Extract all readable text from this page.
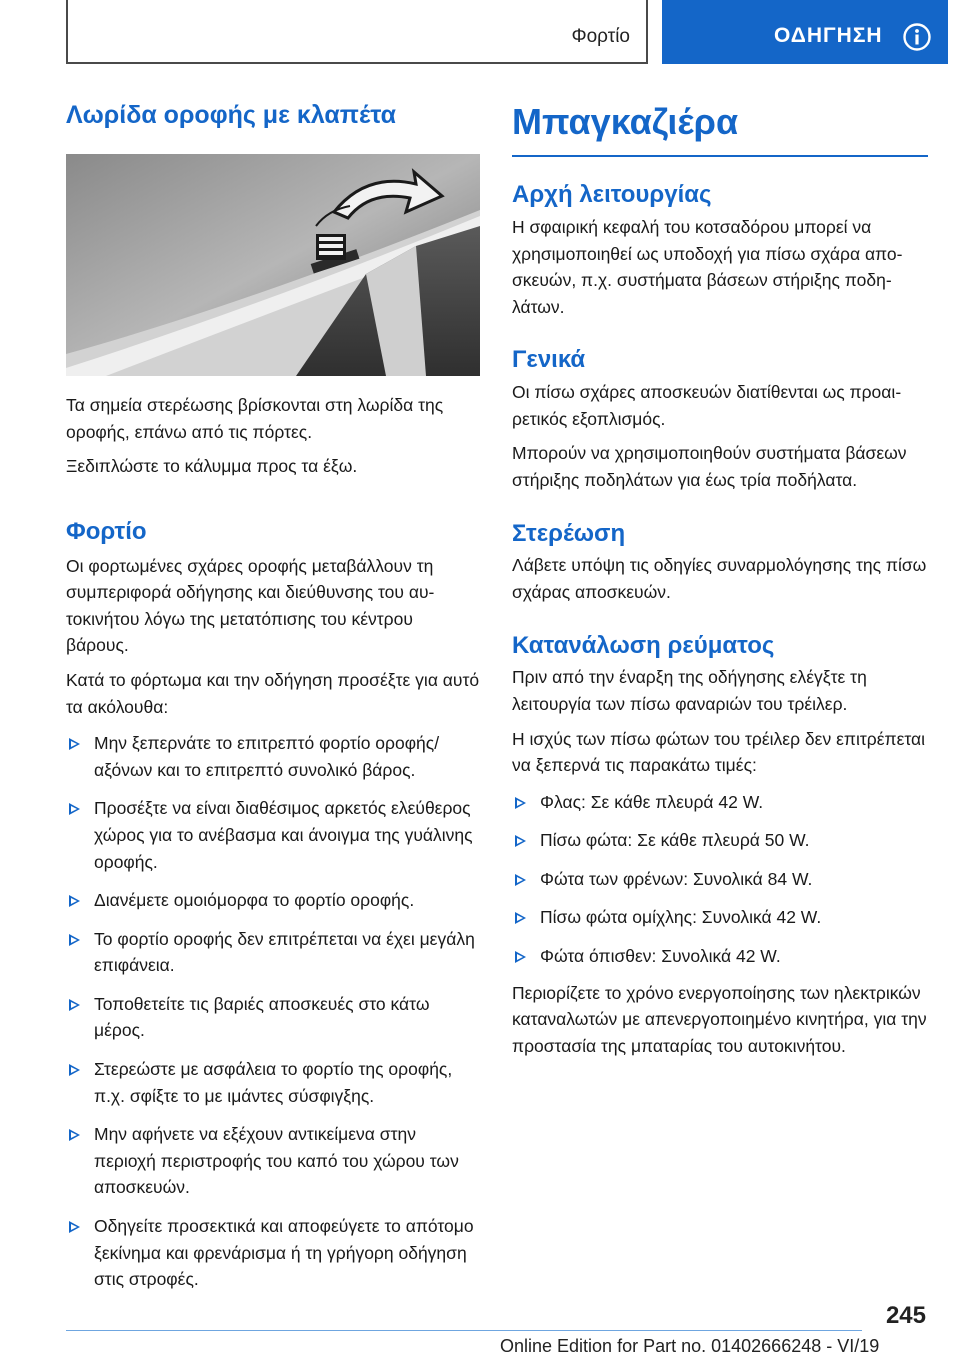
Φορτίο	ΟΔΗΓΗΣΗ
Λωρίδα οροφής με κλαπέτα

Τα σημεία στερέωσης βρίσκονται στη λωρίδα της οροφής, επάνω από τις πόρτες.

Ξεδιπλώστε το κάλυμμα προς τα έξω.

Φορτίο

Οι φορτωμένες σχάρες οροφής μεταβάλλουν τη συμπεριφορά οδήγησης και διεύθυνσης του αυτοκινήτου λόγω της μετατόπισης του κέντρου βάρους.

Κατά το φόρτωμα και την οδήγηση προσέξτε για αυτό τα ακόλουθα:

Μην ξεπερνάτε το επιτρεπτό φορτίο οροφής/αξόνων και το επιτρεπτό συνολικό βάρος.
Προσέξτε να είναι διαθέσιμος αρκετός ελεύθερος χώρος για το ανέβασμα και άνοιγμα της γυάλινης οροφής.
Διανέμετε ομοιόμορφα το φορτίο οροφής.
Το φορτίο οροφής δεν επιτρέπεται να έχει μεγάλη επιφάνεια.
Τοποθετείτε τις βαριές αποσκευές στο κάτω μέρος.
Στερεώστε με ασφάλεια το φορτίο της οροφής, π.χ. σφίξτε το με ιμάντες σύσφιγξης.
Μην αφήνετε να εξέχουν αντικείμενα στην περιοχή περιστροφής του καπό του χώρου των αποσκευών.
Οδηγείτε προσεκτικά και αποφεύγετε το απότομο ξεκίνημα και φρενάρισμα ή τη γρήγορη οδήγηση στις στροφές.
Μπαγκαζιέρα
Αρχή λειτουργίας

Η σφαιρική κεφαλή του κοτσαδόρου μπορεί να χρησιμοποιηθεί ως υποδοχή για πίσω σχάρα αποσκευών, π.χ. συστήματα βάσεων στήριξης ποδηλάτων.

Γενικά

Οι πίσω σχάρες αποσκευών διατίθενται ως προαιρετικός εξοπλισμός.

Μπορούν να χρησιμοποιηθούν συστήματα βάσεων στήριξης ποδηλάτων για έως τρία ποδήλατα.

Στερέωση

Λάβετε υπόψη τις οδηγίες συναρμολόγησης της πίσω σχάρας αποσκευών.

Κατανάλωση ρεύματος

Πριν από την έναρξη της οδήγησης ελέγξτε τη λειτουργία των πίσω φαναριών του τρέιλερ.

Η ισχύς των πίσω φώτων του τρέιλερ δεν επιτρέπεται να ξεπερνά τις παρακάτω τιμές:

Φλας: Σε κάθε πλευρά 42 W.
Πίσω φώτα: Σε κάθε πλευρά 50 W.
Φώτα των φρένων: Συνολικά 84 W.
Πίσω φώτα ομίχλης: Συνολικά 42 W.
Φώτα όπισθεν: Συνολικά 42 W.

Περιορίζετε το χρόνο ενεργοποίησης των ηλεκτρικών καταναλωτών με απενεργοποιημένο κινητήρα, για την προστασία της μπαταρίας του αυτοκινήτου.

245
Online Edition for Part no. 01402666248 - VI/19
